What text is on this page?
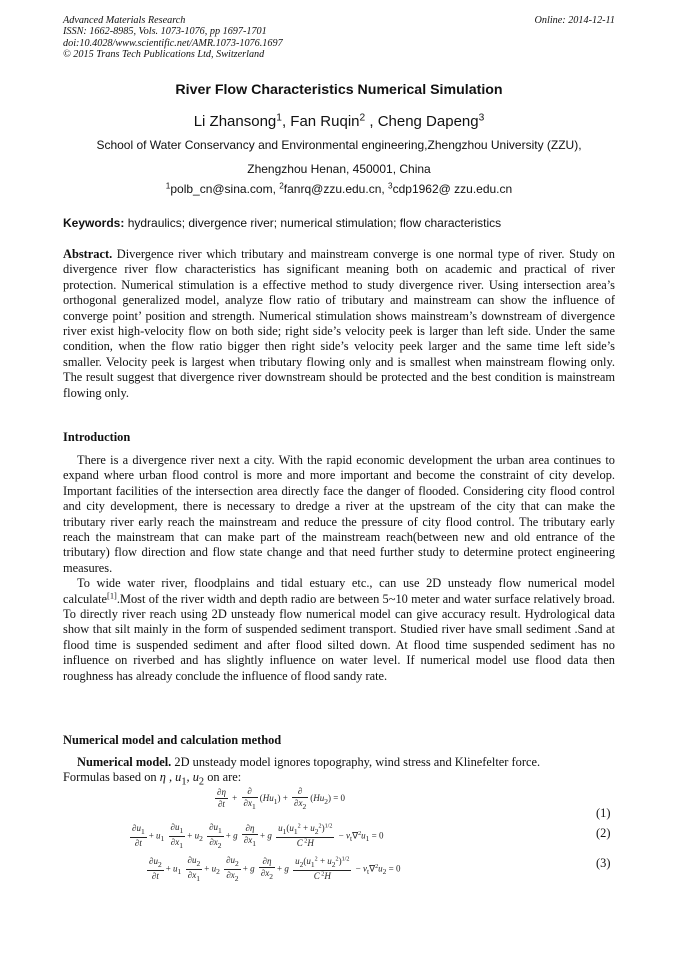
Advanced Materials Research
ISSN: 1662-8985, Vols. 1073-1076, pp 1697-1701
doi:10.4028/www.scientific.net/AMR.1073-1076.1697
© 2015 Trans Tech Publications Ltd, Switzerland
Online: 2014-12-11
River Flow Characteristics Numerical Simulation
Li Zhansong$^1$, Fan Ruqin$^2$ , Cheng Dapeng$^3$
School of Water Conservancy and Environmental engineering,Zhengzhou University (ZZU),
Zhengzhou Henan, 450001, China
$^1$polb_cn@sina.com, $^2$fanrq@zzu.edu.cn, $^3$cdp1962@ zzu.edu.cn
Keywords: hydraulics; divergence river; numerical stimulation; flow characteristics

Abstract. Divergence river which tributary and mainstream converge is one normal type of river. Study on divergence river flow characteristics has significant meaning both on academic and practical of river protection. Numerical stimulation is a effective method to study divergence river. Using intersection area’s orthogonal generalized model, analyze flow ratio of tributary and mainstream can show the influence of converge point’ position and strength. Numerical stimulation shows mainstream’s downstream of divergence river exist high-velocity flow on both side; right side’s velocity peek is larger than left side. Under the same condition, when the flow ratio bigger then right side’s velocity peek larger and the same time left side’s smaller. Velocity peek is largest when tributary flowing only and is smallest when mainstream flowing only. The result suggest that divergence river downstream should be protected and the best condition is mainstream flowing only.

Introduction

There is a divergence river next a city. With the rapid economic development the urban area continues to expand where urban flood control is more and more important and become the constraint of city develop. Important facilities of the intersection area directly face the danger of flooded. Considering city flood control and city development, there is necessary to dredge a river at the upstream of the city that can make the tributary river early reach the mainstream and reduce the pressure of city flood control. The tributary early reach the mainstream that can make part of the mainstream reach(between new and old entrance of the tributary) flow direction and flow state change and that need further study to determine protect engineering measures.

To wide water river, floodplains and tidal estuary etc., can use 2D unsteady flow numerical model calculate[1].Most of the river width and depth radio are between 5~10 meter and water surface relatively broad. To directly river reach using 2D unsteady flow numerical model can give accuracy result. Hydrological data show that silt mainly in the form of suspended sediment transport. Studied river have small sediment .Sand at flood time is suspended sediment and after flood silted down. At flood time suspended sediment has no influence on riverbed and has slightly influence on water level. If numerical model use flood data then roughness has already conclude the influence of flood sandy rate.

Numerical model and calculation method

Numerical model. 2D unsteady model ignores topography, wind stress and Klinefelter force.

Formulas based on η , $u_1$, $u_2$ on are:

$\frac{\partial\eta}{\partial t} + \frac{\partial}{\partial x_1} (Hu_1) + \frac{\partial}{\partial x_2} (Hu_2) = 0$
(1)
$\frac{\partial u_1}{\partial t} + u_1 \frac{\partial u_1}{\partial x_1} + u_2 \frac{\partial u_1}{\partial x_2} + g \frac{\partial\eta}{\partial x_1} + g \frac{u_1(u_1^2 + u_2^2)^{1/2}}{C ^2H} - \nu_t\nabla^2u_1 = 0$	(2)
$\frac{\partial u_2}{\partial t} + u_1 \frac{\partial u_2}{\partial x_1} + u_2 \frac{\partial u_2}{\partial x_2} + g \frac{\partial\eta}{\partial x_2} + g \frac{u_2(u_1^2 + u_2^2)^{1/2}}{C ^2H} - \nu_t\nabla^2u_2 = 0$	(3)
